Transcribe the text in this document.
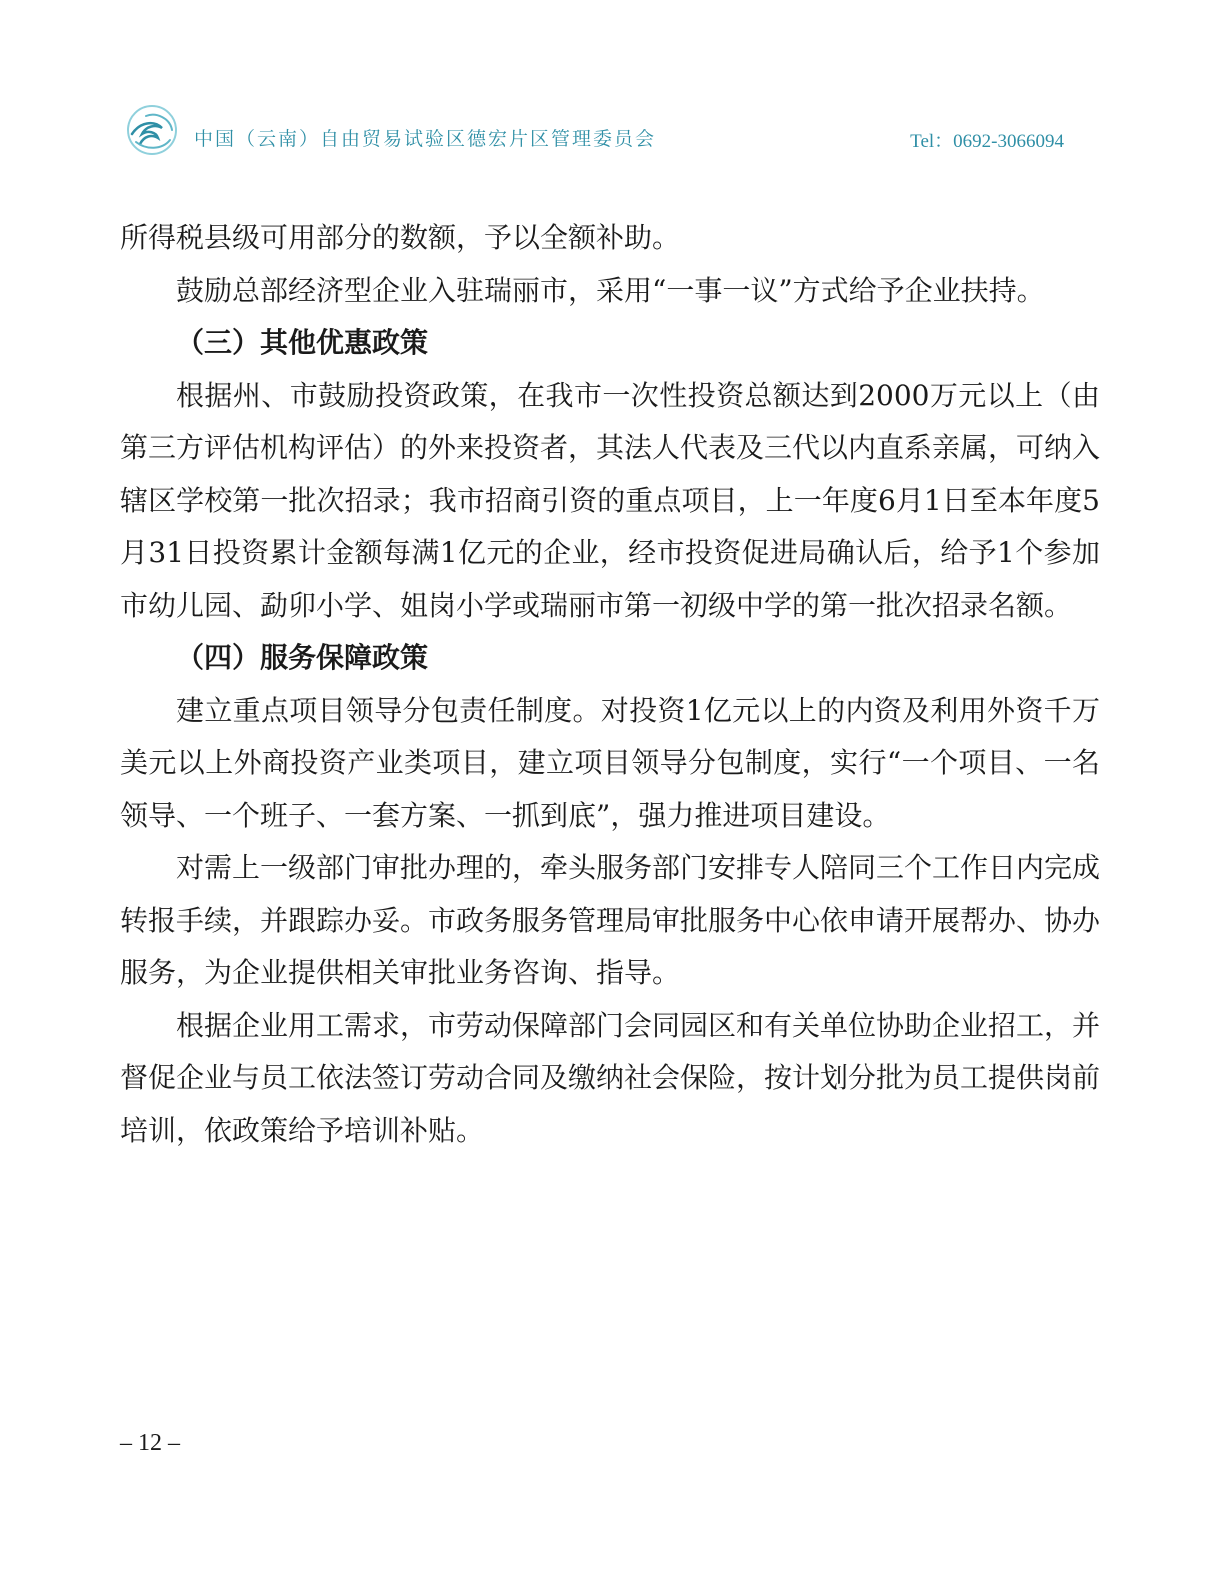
中国（云南）自由贸易试验区德宏片区管理委员会	Tel：0692-3066094

所得税县级可用部分的数额，予以全额补助。

鼓励总部经济型企业入驻瑞丽市，采用“一事一议”方式给予企业扶持。

（三）其他优惠政策

根据州、市鼓励投资政策，在我市一次性投资总额达到2000万元以上（由第三方评估机构评估）的外来投资者，其法人代表及三代以内直系亲属，可纳入辖区学校第一批次招录；我市招商引资的重点项目，上一年度6月1日至本年度5月31日投资累计金额每满1亿元的企业，经市投资促进局确认后，给予1个参加市幼儿园、勐卯小学、姐岗小学或瑞丽市第一初级中学的第一批次招录名额。

（四）服务保障政策

建立重点项目领导分包责任制度。对投资1亿元以上的内资及利用外资千万美元以上外商投资产业类项目，建立项目领导分包制度，实行“一个项目、一名领导、一个班子、一套方案、一抓到底”，强力推进项目建设。

对需上一级部门审批办理的，牵头服务部门安排专人陪同三个工作日内完成转报手续，并跟踪办妥。市政务服务管理局审批服务中心依申请开展帮办、协办服务，为企业提供相关审批业务咨询、指导。

根据企业用工需求，市劳动保障部门会同园区和有关单位协助企业招工，并督促企业与员工依法签订劳动合同及缴纳社会保险，按计划分批为员工提供岗前培训，依政策给予培训补贴。

– 12 –
